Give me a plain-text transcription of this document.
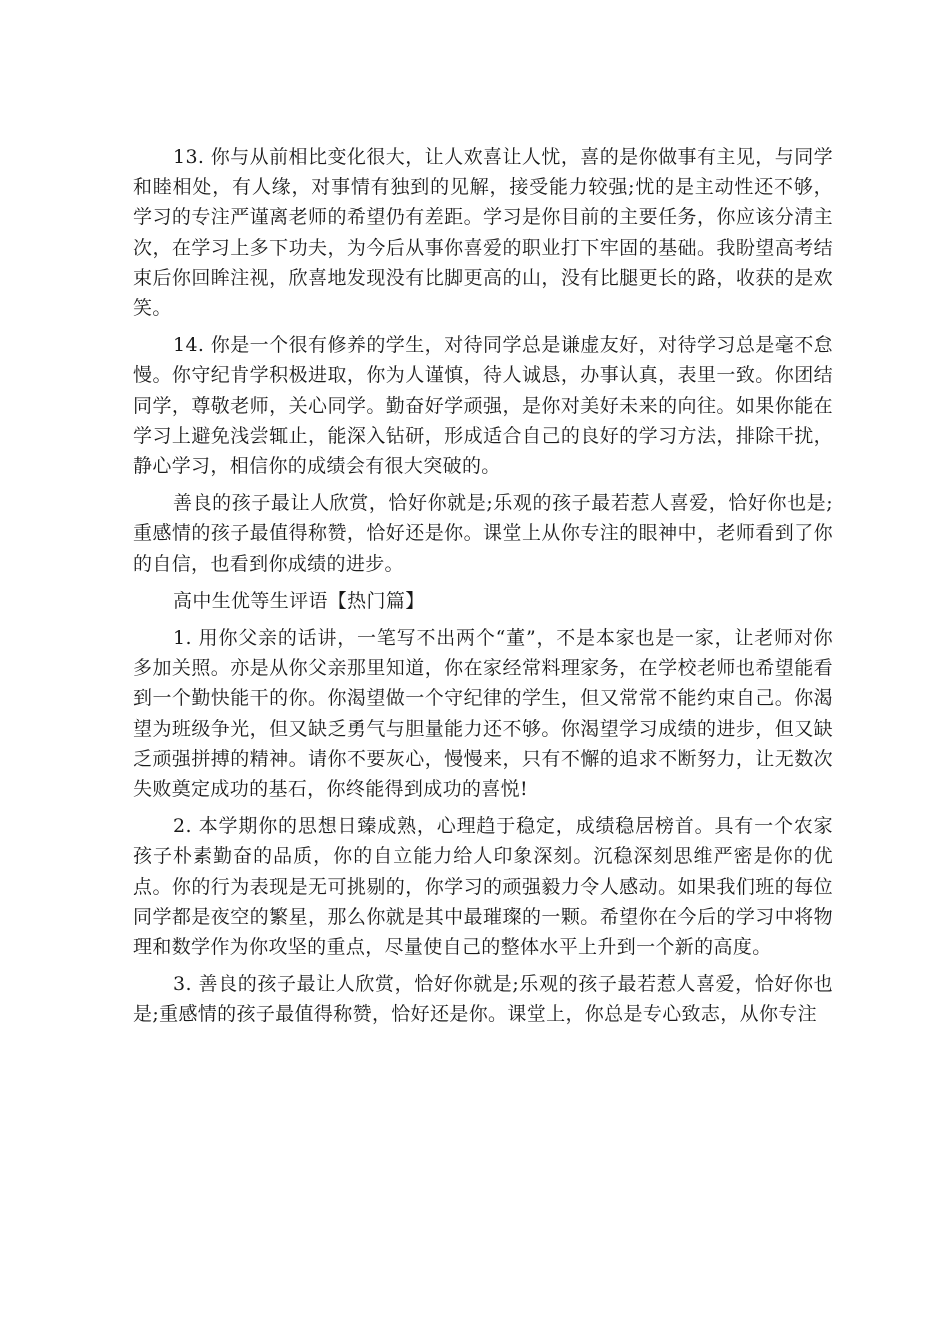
13. 你与从前相比变化很大，让人欢喜让人忧，喜的是你做事有主见，与同学和睦相处，有人缘，对事情有独到的见解，接受能力较强;忧的是主动性还不够，学习的专注严谨离老师的希望仍有差距。学习是你目前的主要任务，你应该分清主次，在学习上多下功夫，为今后从事你喜爱的职业打下牢固的基础。我盼望高考结束后你回眸注视，欣喜地发现没有比脚更高的山，没有比腿更长的路，收获的是欢笑。

14. 你是一个很有修养的学生，对待同学总是谦虚友好，对待学习总是毫不怠慢。你守纪肯学积极进取，你为人谨慎，待人诚恳，办事认真，表里一致。你团结同学，尊敬老师，关心同学。勤奋好学顽强，是你对美好未来的向往。如果你能在学习上避免浅尝辄止，能深入钻研，形成适合自己的良好的学习方法，排除干扰，静心学习，相信你的成绩会有很大突破的。

善良的孩子最让人欣赏，恰好你就是;乐观的孩子最若惹人喜爱，恰好你也是;重感情的孩子最值得称赞，恰好还是你。课堂上从你专注的眼神中，老师看到了你的自信，也看到你成绩的进步。

高中生优等生评语【热门篇】

1. 用你父亲的话讲，一笔写不出两个“董”，不是本家也是一家，让老师对你多加关照。亦是从你父亲那里知道，你在家经常料理家务，在学校老师也希望能看到一个勤快能干的你。你渴望做一个守纪律的学生，但又常常不能约束自己。你渴望为班级争光，但又缺乏勇气与胆量能力还不够。你渴望学习成绩的进步，但又缺乏顽强拼搏的精神。请你不要灰心，慢慢来，只有不懈的追求不断努力，让无数次失败奠定成功的基石，你终能得到成功的喜悦!

2. 本学期你的思想日臻成熟，心理趋于稳定，成绩稳居榜首。具有一个农家孩子朴素勤奋的品质，你的自立能力给人印象深刻。沉稳深刻思维严密是你的优点。你的行为表现是无可挑剔的，你学习的顽强毅力令人感动。如果我们班的每位同学都是夜空的繁星，那么你就是其中最璀璨的一颗。希望你在今后的学习中将物理和数学作为你攻坚的重点，尽量使自己的整体水平上升到一个新的高度。

3. 善良的孩子最让人欣赏，恰好你就是;乐观的孩子最若惹人喜爱，恰好你也是;重感情的孩子最值得称赞，恰好还是你。课堂上，你总是专心致志，从你专注
